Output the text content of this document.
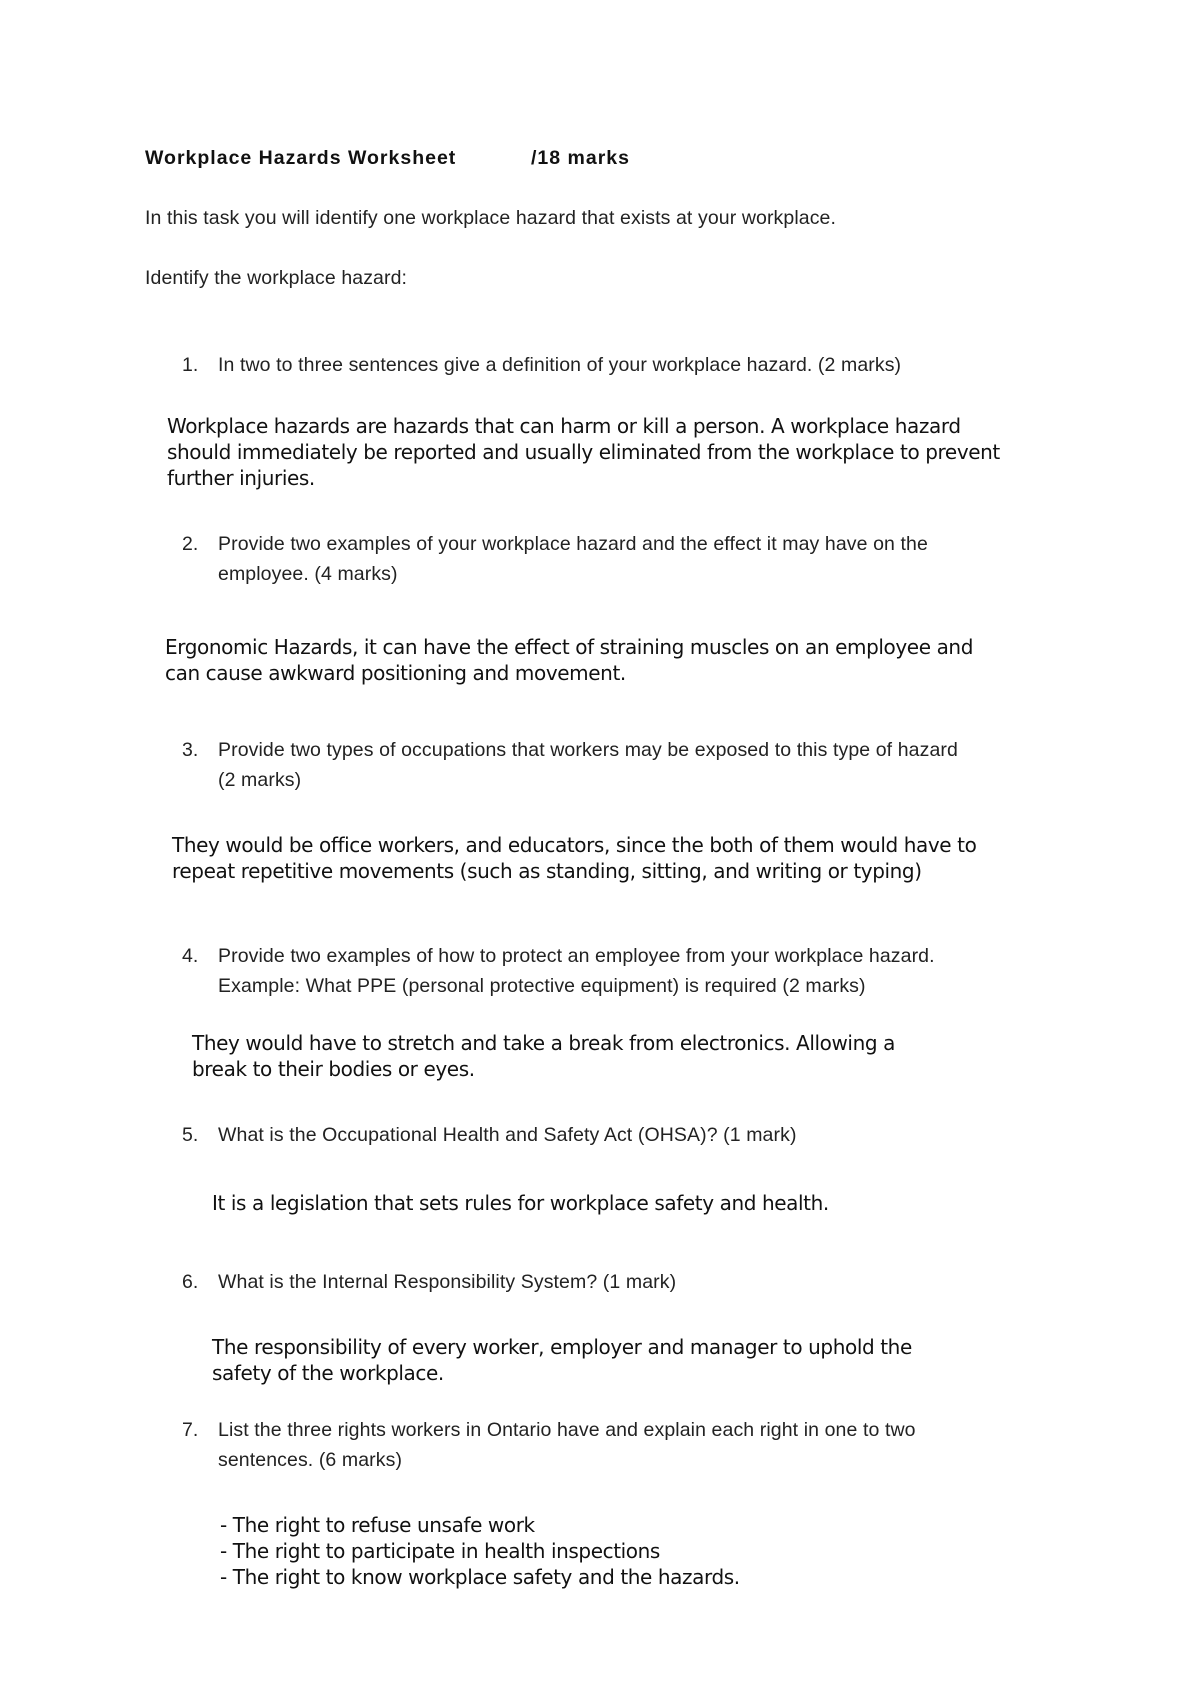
Workplace Hazards Worksheet	/18 marks
In this task you will identify one workplace hazard that exists at your workplace.
Identify the workplace hazard:
1. In two to three sentences give a definition of your workplace hazard. (2 marks)
Workplace hazards are hazards that can harm or kill a person. A workplace hazard
should immediately be reported and usually eliminated from the workplace to prevent
further injuries.
2. Provide two examples of your workplace hazard and the effect it may have on the
employee. (4 marks)
Ergonomic Hazards, it can have the effect of straining muscles on an employee and
can cause awkward positioning and movement.
3. Provide two types of occupations that workers may be exposed to this type of hazard
(2 marks)
They would be office workers, and educators, since the both of them would have to
repeat repetitive movements (such as standing, sitting, and writing or typing)
4. Provide two examples of how to protect an employee from your workplace hazard.
Example: What PPE (personal protective equipment) is required (2 marks)
They would have to stretch and take a break from electronics. Allowing a
break to their bodies or eyes.
5. What is the Occupational Health and Safety Act (OHSA)? (1 mark)
It is a legislation that sets rules for workplace safety and health.
6. What is the Internal Responsibility System? (1 mark)
The responsibility of every worker, employer and manager to uphold the
safety of the workplace.
7. List the three rights workers in Ontario have and explain each right in one to two
sentences. (6 marks)
- The right to refuse unsafe work
- The right to participate in health inspections
- The right to know workplace safety and the hazards.
